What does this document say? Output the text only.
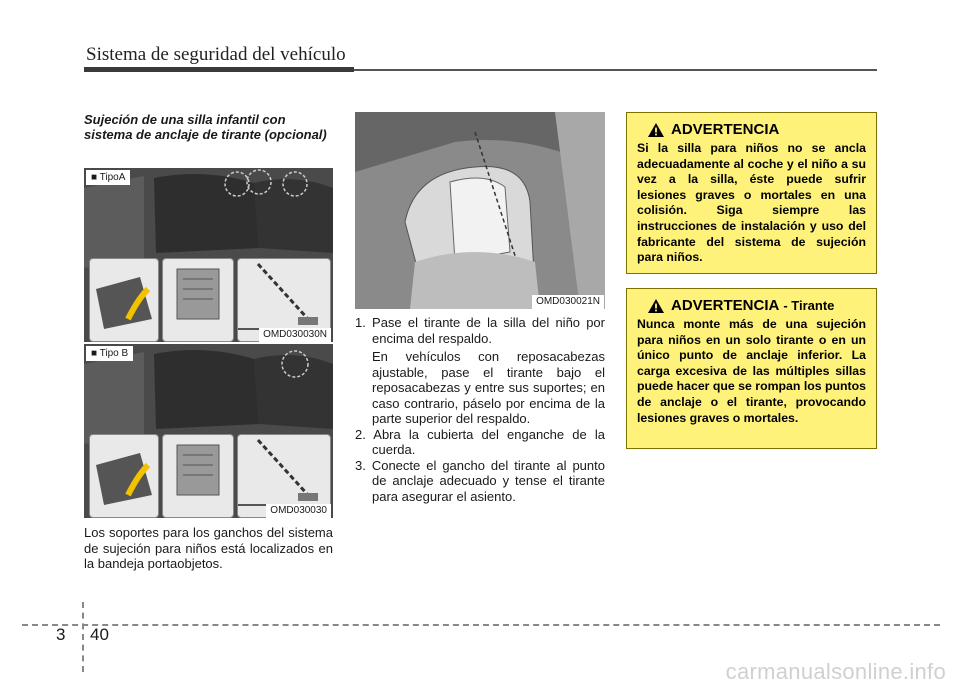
Sistema de seguridad del vehículo
Sujeción de una silla infantil con sistema de anclaje de tirante (opcional)
■ TipoA
OMD030030N
■ Tipo B
OMD030030
Los soportes para los ganchos del sistema de sujeción para niños está localizados en la bandeja portaobjetos.
OMD030021N
1. Pase el tirante de la silla del niño por encima del respaldo.
En vehículos con reposacabezas ajustable, pase el tirante bajo el reposacabezas y entre sus suportes; en caso contrario, páselo por encima de la parte superior del respaldo.
2. Abra la cubierta del enganche de la cuerda.
3. Conecte el gancho del tirante al punto de anclaje adecuado y tense el tirante para asegurar el asiento.
ADVERTENCIA
Si la silla para niños no se ancla adecuadamente al coche y el niño a su vez a la silla, éste puede sufrir lesiones graves o mortales en una colisión. Siga siempre las instrucciones de instalación y uso del fabricante del sistema de sujeción para niños.
ADVERTENCIA - Tirante
Nunca monte más de una sujeción para niños en un solo tirante o en un único punto de anclaje inferior. La carga excesiva de las múltiples sillas puede hacer que se rompan los puntos de anclaje o el tirante, provocando lesiones graves o mortales.
3 40
carmanualsonline.info
